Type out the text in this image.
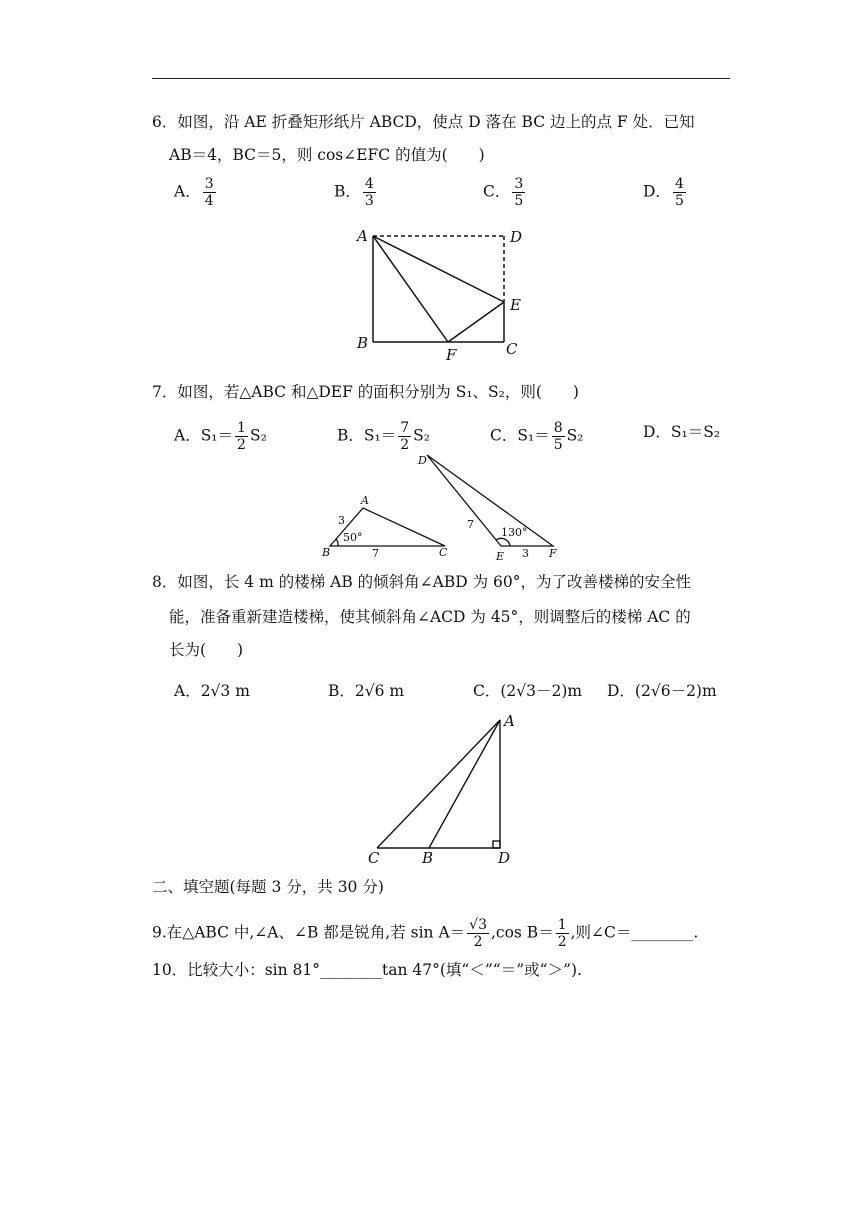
6．如图，沿 AE 折叠矩形纸片 ABCD，使点 D 落在 BC 边上的点 F 处．已知
AB＝4，BC＝5，则 cos∠EFC 的值为(　　)
A． $\frac{3}{4}$	B． $\frac{4}{3}$	C． $\frac{3}{5}$	D． $\frac{4}{5}$
A
B	C
D
E
F
7．如图，若△ABC 和△DEF 的面积分别为 S₁、S₂，则(　　)
A．$S_1= \frac{1}{2} S_2$	B．$S_1= \frac{7}{2} S_2$	C．$S_1= \frac{8}{5} S_2$	D．S₁＝S₂
A
B	C
D
E	F
3
7
50°
7
3
130°
8．如图，长 4 m 的楼梯 AB 的倾斜角∠ABD 为 60°，为了改善楼梯的安全性
能，准备重新建造楼梯，使其倾斜角∠ACD 为 45°，则调整后的楼梯 AC 的
长为(　　)
A．2√3 m	B．2√6 m	C．(2√3－2)m D．(2√6－2)m
A
B
C	D
二、填空题(每题 3 分，共 30 分)
9.在△ABC 中,∠A、∠B 都是锐角,若 $\sin A= \frac{√3}{2} ,\cos$ $B= \frac{1}{2}$ ,则∠C＝________.
10．比较大小：sin 81°________tan 47°(填“＜”“＝”或“＞”).
